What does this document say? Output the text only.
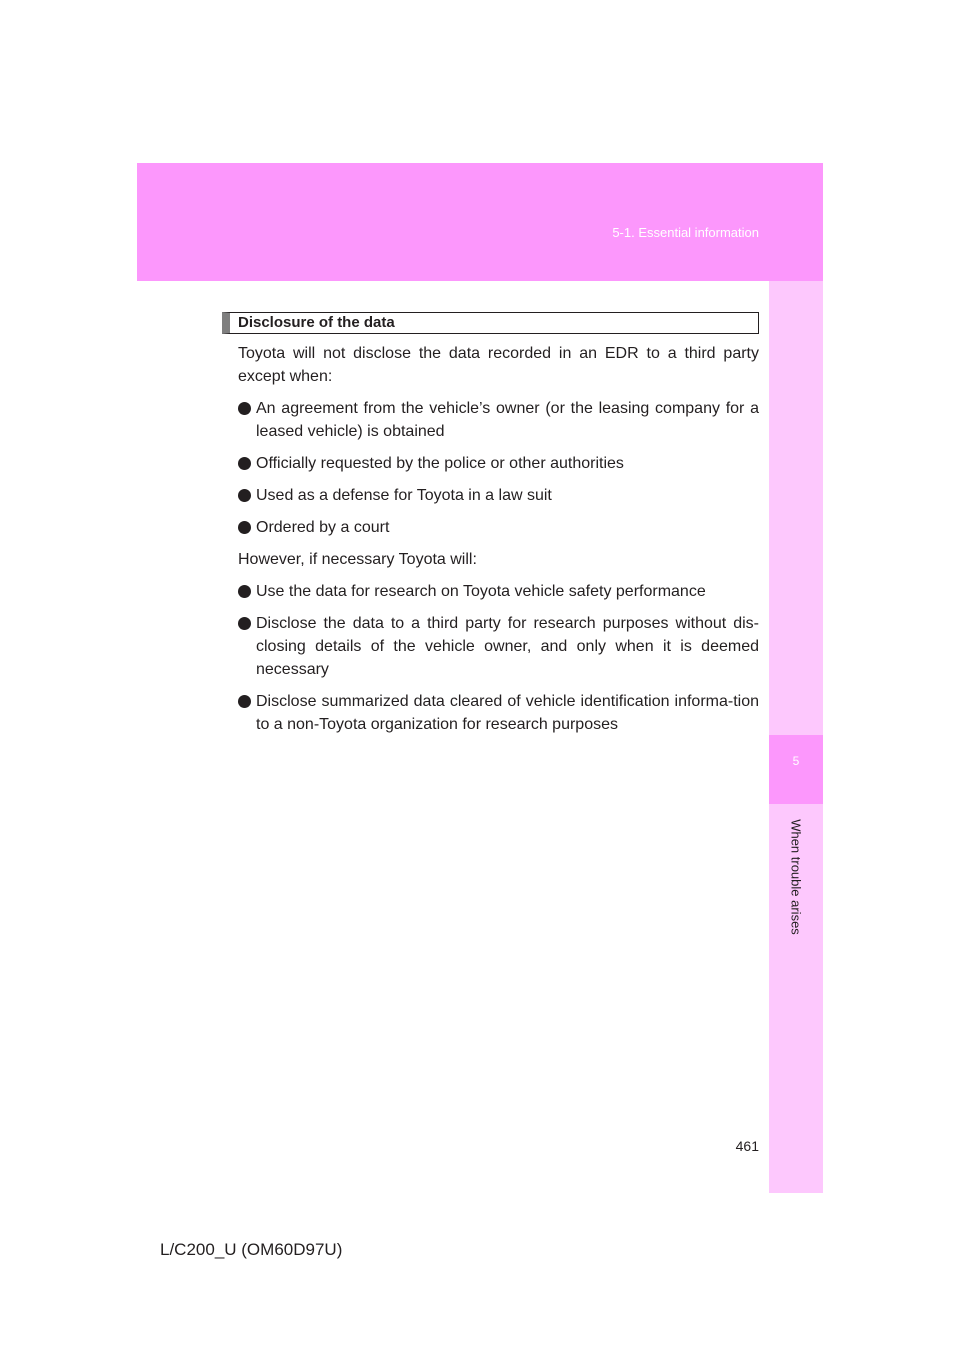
5-1. Essential information
5
When trouble arises
Disclosure of the data

Toyota will not disclose the data recorded in an EDR to a third party except when:

An agreement from the vehicle’s owner (or the leasing company for a leased vehicle) is obtained
Officially requested by the police or other authorities
Used as a defense for Toyota in a law suit
Ordered by a court

However, if necessary Toyota will:

Use the data for research on Toyota vehicle safety performance
Disclose the data to a third party for research purposes without dis-closing details of the vehicle owner, and only when it is deemed necessary
Disclose summarized data cleared of vehicle identification informa-tion to a non-Toyota organization for research purposes
461
L/C200_U (OM60D97U)
